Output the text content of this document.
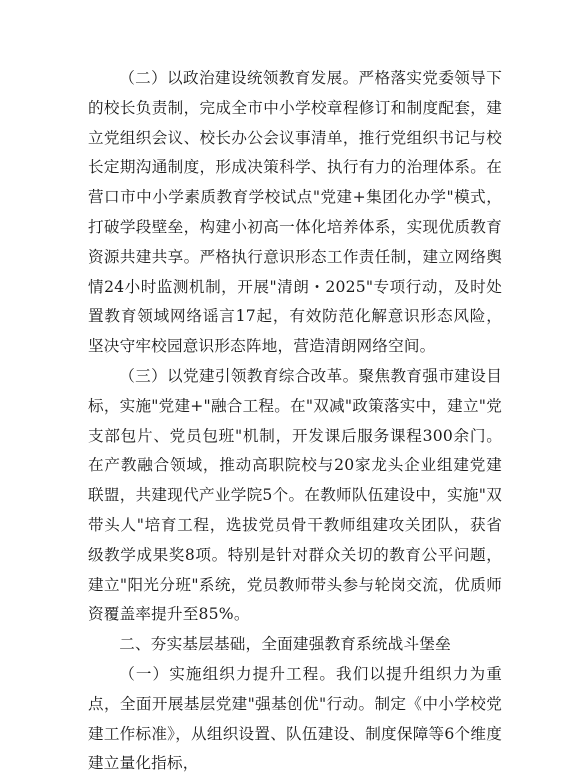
（二）以政治建设统领教育发展。严格落实党委领导下的校长负责制，完成全市中小学校章程修订和制度配套，建立党组织会议、校长办公会议事清单，推行党组织书记与校长定期沟通制度，形成决策科学、执行有力的治理体系。在营口市中小学素质教育学校试点"党建+集团化办学"模式，打破学段壁垒，构建小初高一体化培养体系，实现优质教育资源共建共享。严格执行意识形态工作责任制，建立网络舆情24小时监测机制，开展"清朗・2025"专项行动，及时处置教育领域网络谣言17起，有效防范化解意识形态风险，坚决守牢校园意识形态阵地，营造清朗网络空间。

（三）以党建引领教育综合改革。聚焦教育强市建设目标，实施"党建+"融合工程。在"双减"政策落实中，建立"党支部包片、党员包班"机制，开发课后服务课程300余门。在产教融合领域，推动高职院校与20家龙头企业组建党建联盟，共建现代产业学院5个。在教师队伍建设中，实施"双带头人"培育工程，选拔党员骨干教师组建攻关团队，获省级教学成果奖8项。特别是针对群众关切的教育公平问题，建立"阳光分班"系统，党员教师带头参与轮岗交流，优质师资覆盖率提升至85%。

二、夯实基层基础，全面建强教育系统战斗堡垒

（一）实施组织力提升工程。我们以提升组织力为重点，全面开展基层党建"强基创优"行动。制定《中小学校党建工作标准》，从组织设置、队伍建设、制度保障等6个维度建立量化指标，
